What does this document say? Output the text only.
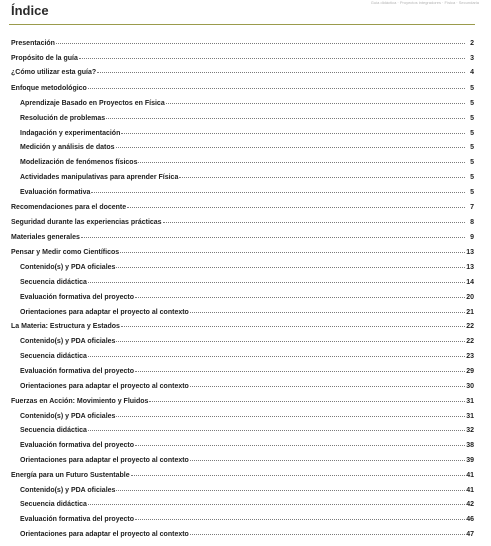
Guía didáctica · Proyectos integradores · Física · Secundaria
Índice
Presentación	2
Propósito de la guía	3
¿Cómo utilizar esta guía?	4
Enfoque metodológico	5
Aprendizaje Basado en Proyectos en Física	5
Resolución de problemas	5
Indagación y experimentación	5
Medición y análisis de datos	5
Modelización de fenómenos físicos	5
Actividades manipulativas para aprender Física	5
Evaluación formativa	5
Recomendaciones para el docente	7
Seguridad durante las experiencias prácticas	8
Materiales generales	9
Pensar y Medir como Científicos	13
Contenido(s) y PDA oficiales	13
Secuencia didáctica	14
Evaluación formativa del proyecto	20
Orientaciones para adaptar el proyecto al contexto	21
La Materia: Estructura y Estados	22
Contenido(s) y PDA oficiales	22
Secuencia didáctica	23
Evaluación formativa del proyecto	29
Orientaciones para adaptar el proyecto al contexto	30
Fuerzas en Acción: Movimiento y Fluidos	31
Contenido(s) y PDA oficiales	31
Secuencia didáctica	32
Evaluación formativa del proyecto	38
Orientaciones para adaptar el proyecto al contexto	39
Energía para un Futuro Sustentable	41
Contenido(s) y PDA oficiales	41
Secuencia didáctica	42
Evaluación formativa del proyecto	46
Orientaciones para adaptar el proyecto al contexto	47
